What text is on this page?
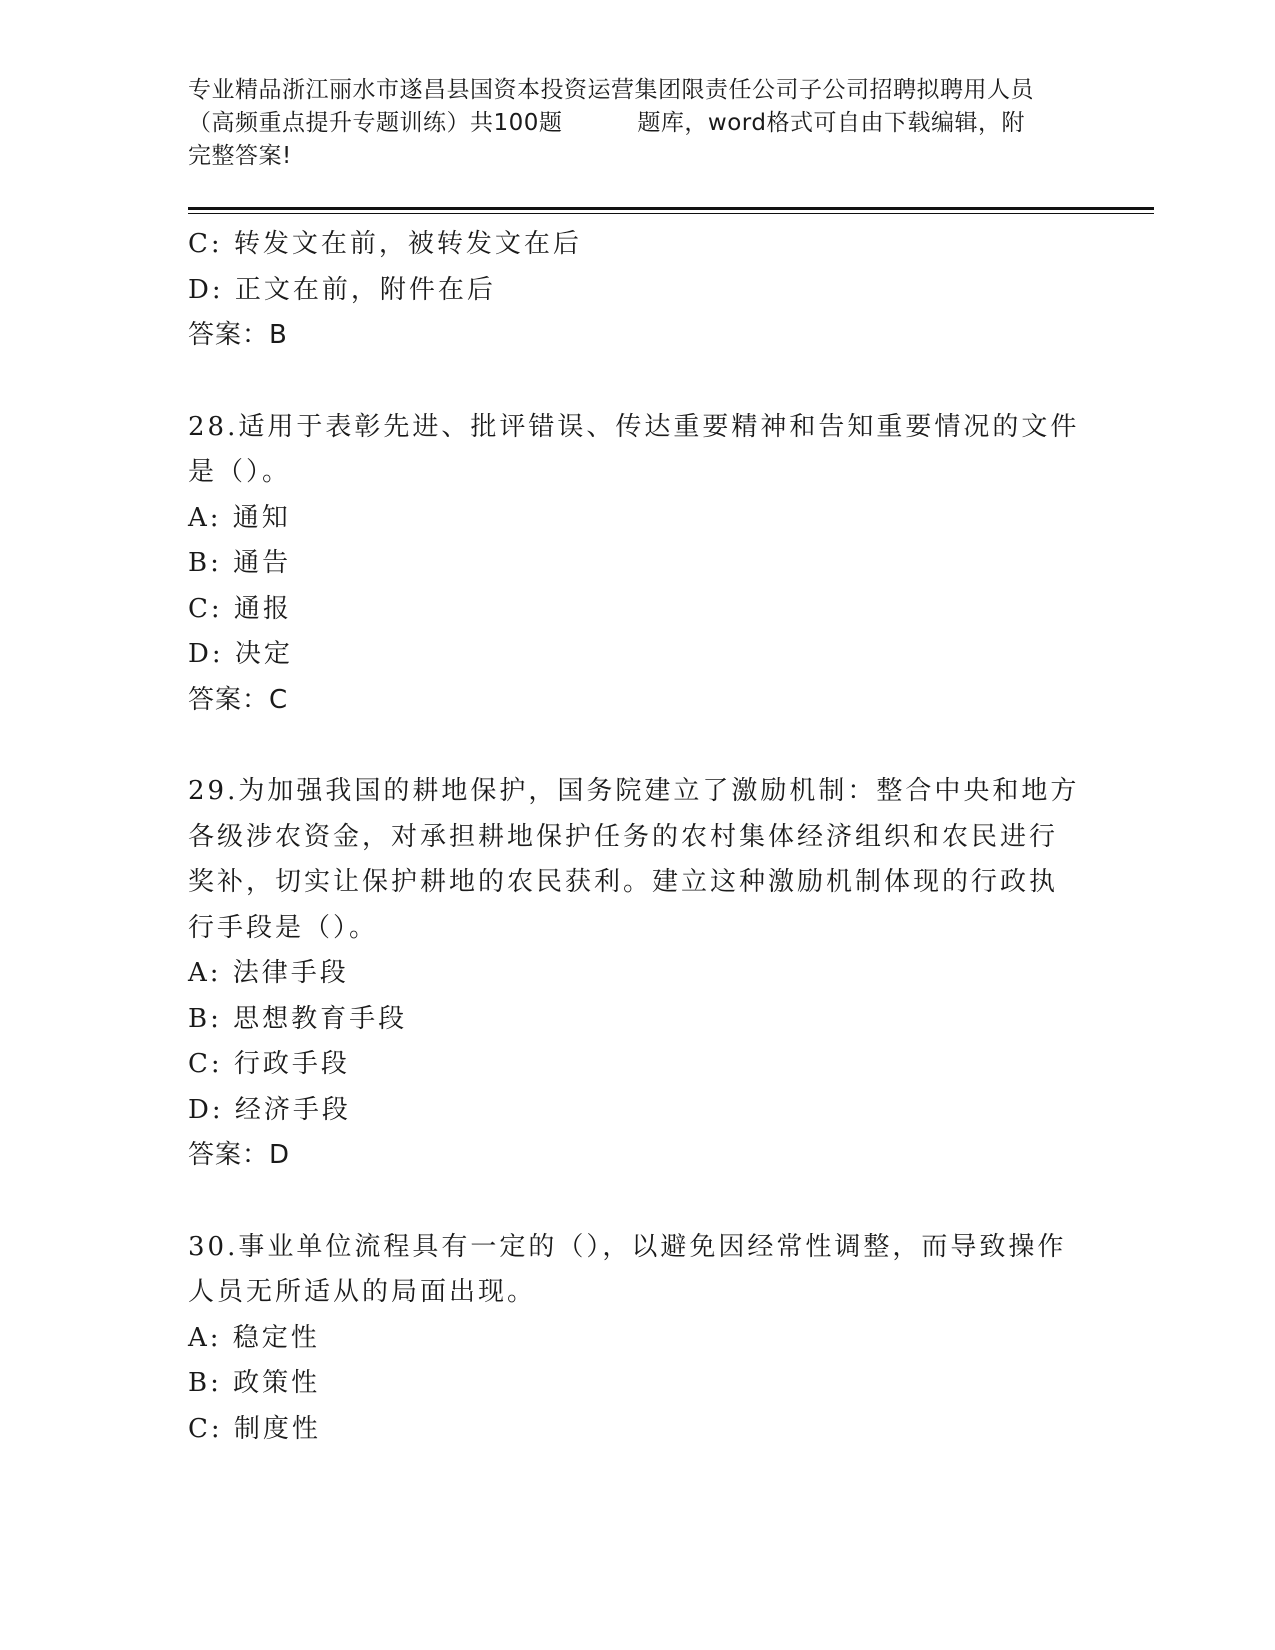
专业精品浙江丽水市遂昌县国资本投资运营集团限责任公司子公司招聘拟聘用人员
（高频重点提升专题训练）共100题	题库，word格式可自由下载编辑，附
完整答案!
C: 转发文在前，被转发文在后
D: 正文在前，附件在后
答案：B
28.适用于表彰先进、批评错误、传达重要精神和告知重要情况的文件
是（）。
A: 通知
B: 通告
C: 通报
D: 决定
答案：C
29.为加强我国的耕地保护，国务院建立了激励机制：整合中央和地方
各级涉农资金，对承担耕地保护任务的农村集体经济组织和农民进行
奖补，切实让保护耕地的农民获利。建立这种激励机制体现的行政执
行手段是（）。
A: 法律手段
B: 思想教育手段
C: 行政手段
D: 经济手段
答案：D
30.事业单位流程具有一定的（），以避免因经常性调整，而导致操作
人员无所适从的局面出现。
A: 稳定性
B: 政策性
C: 制度性
